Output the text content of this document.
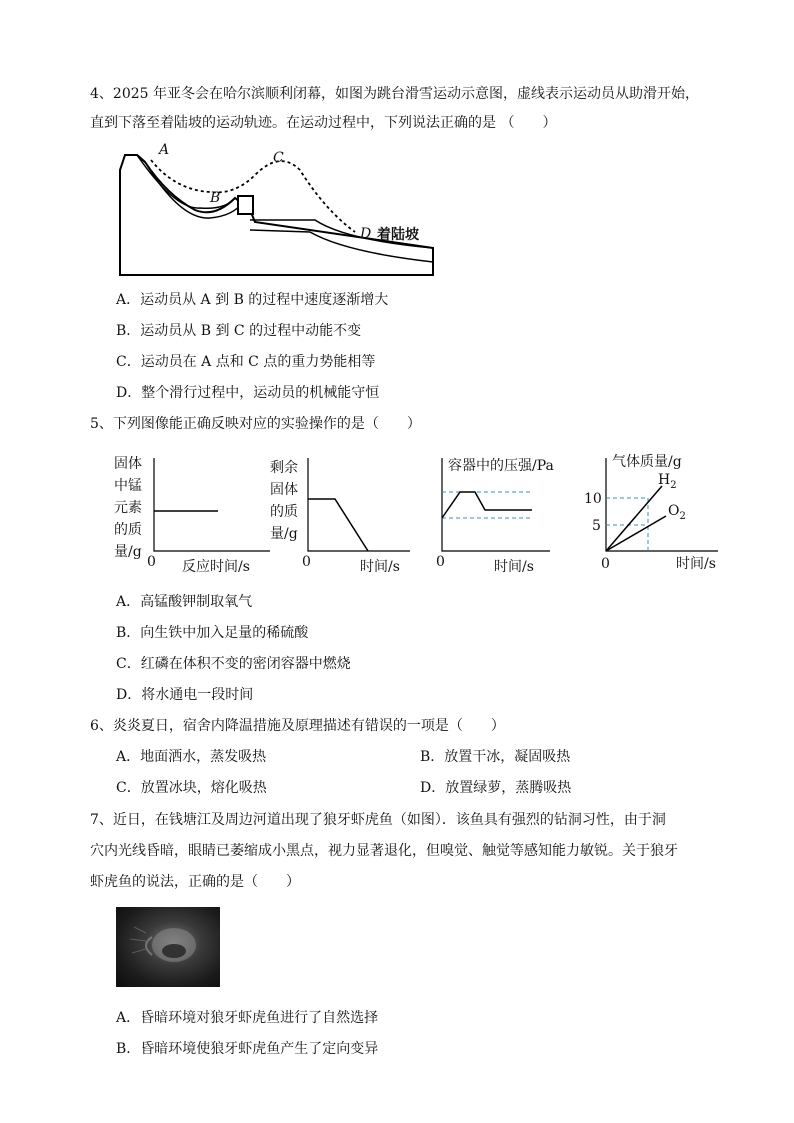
4、2025 年亚冬会在哈尔滨顺利闭幕，如图为跳台滑雪运动示意图，虚线表示运动员从助滑开始，
直到下落至着陆坡的运动轨迹。在运动过程中，下列说法正确的是 （　　）
A
B
C
D 着陆坡
A．运动员从 A 到 B 的过程中速度逐渐增大
B．运动员从 B 到 C 的过程中动能不变
C．运动员在 A 点和 C 点的重力势能相等
D．整个滑行过程中，运动员的机械能守恒
5、下列图像能正确反映对应的实验操作的是（　　）
固体
中锰
元素
的质
量/g
0 反应时间/s
剩余
固体
的质
量/g
0	时间/s
容器中的压强/Pa
0	时间/s
气体质量/g
10
5
$H_2$
$O_2$
0	时间/s
A．高锰酸钾制取氧气
B．向生铁中加入足量的稀硫酸
C．红磷在体积不变的密闭容器中燃烧
D．将水通电一段时间
6、炎炎夏日，宿舍内降温措施及原理描述有错误的一项是（　　）
A．地面洒水，蒸发吸热	B．放置干冰，凝固吸热
C．放置冰块，熔化吸热	D．放置绿萝，蒸腾吸热
7、近日，在钱塘江及周边河道出现了狼牙虾虎鱼（如图）．该鱼具有强烈的钻洞习性，由于洞
穴内光线昏暗，眼睛已萎缩成小黑点，视力显著退化，但嗅觉、触觉等感知能力敏锐。关于狼牙
虾虎鱼的说法，正确的是（　　）
A．昏暗环境对狼牙虾虎鱼进行了自然选择
B．昏暗环境使狼牙虾虎鱼产生了定向变异
